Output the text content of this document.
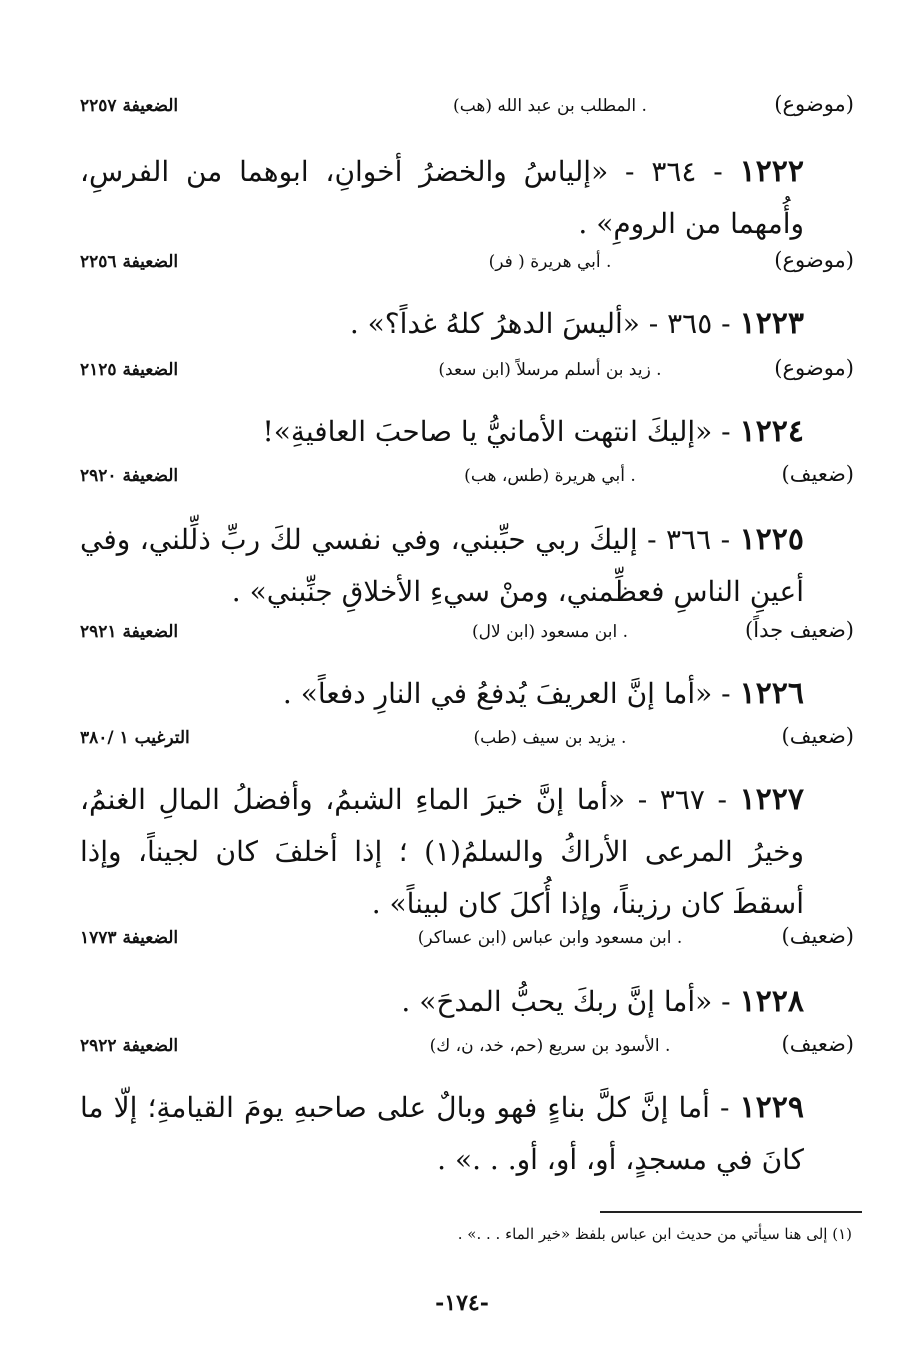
(موضوع)
(هب) المطلب بن عبد الله .
الضعيفة ٢٢٥٧
١٢٢٢ - ٣٦٤ - «إلياسُ والخضرُ أخوانِ، ابوهما من الفرسِ، وأُمهما من الرومِ» .
(موضوع)
(فر ) أبي هريرة .
الضعيفة ٢٢٥٦
١٢٢٣ - ٣٦٥ - «أليسَ الدهرُ كلهُ غداً؟» .
(موضوع)
(ابن سعد) زيد بن أسلم مرسلاً .
الضعيفة ٢١٢٥
١٢٢٤ - «إليكَ انتهت الأمانيُّ يا صاحبَ العافيةِ»!
(ضعيف)
(طس، هب) أبي هريرة .
الضعيفة ٢٩٢٠
١٢٢٥ - ٣٦٦ - إليكَ ربي حبِّبني، وفي نفسي لكَ ربِّ ذلِّلني، وفي أعينِ الناسِ فعظِّمني، ومنْ سيءِ الأخلاقِ جنِّبني» .
(ضعيف جداً)
(ابن لال) ابن مسعود .
الضعيفة ٢٩٢١
١٢٢٦ - «أما إنَّ العريفَ يُدفعُ في النارِ دفعاً» .
(ضعيف)
(طب) يزيد بن سيف .
الترغيب ١ /٣٨٠
١٢٢٧ - ٣٦٧ - «أما إنَّ خيرَ الماءِ الشبمُ، وأفضلُ المالِ الغنمُ، وخيرُ المرعى الأراكُ والسلمُ(١) ؛ إذا أخلفَ كان لجيناً، وإذا أسقطَ كان رزيناً، وإذا أُكلَ كان لبيناً» .
(ضعيف)
(ابن عساكر) ابن مسعود وابن عباس .
الضعيفة ١٧٧٣
١٢٢٨ - «أما إنَّ ربكَ يحبُّ المدحَ» .
(ضعيف)
(حم، خد، ن، ك) الأسود بن سريع .
الضعيفة ٢٩٢٢
١٢٢٩ - أما إنَّ كلَّ بناءٍ فهو وبالٌ على صاحبهِ يومَ القيامةِ؛ إلّا ما كانَ في مسجدٍ، أو، أو، أو. . .» .
(١) إلى هنا سيأتي من حديث ابن عباس بلفظ «خير الماء . . .» .
-١٧٤-
